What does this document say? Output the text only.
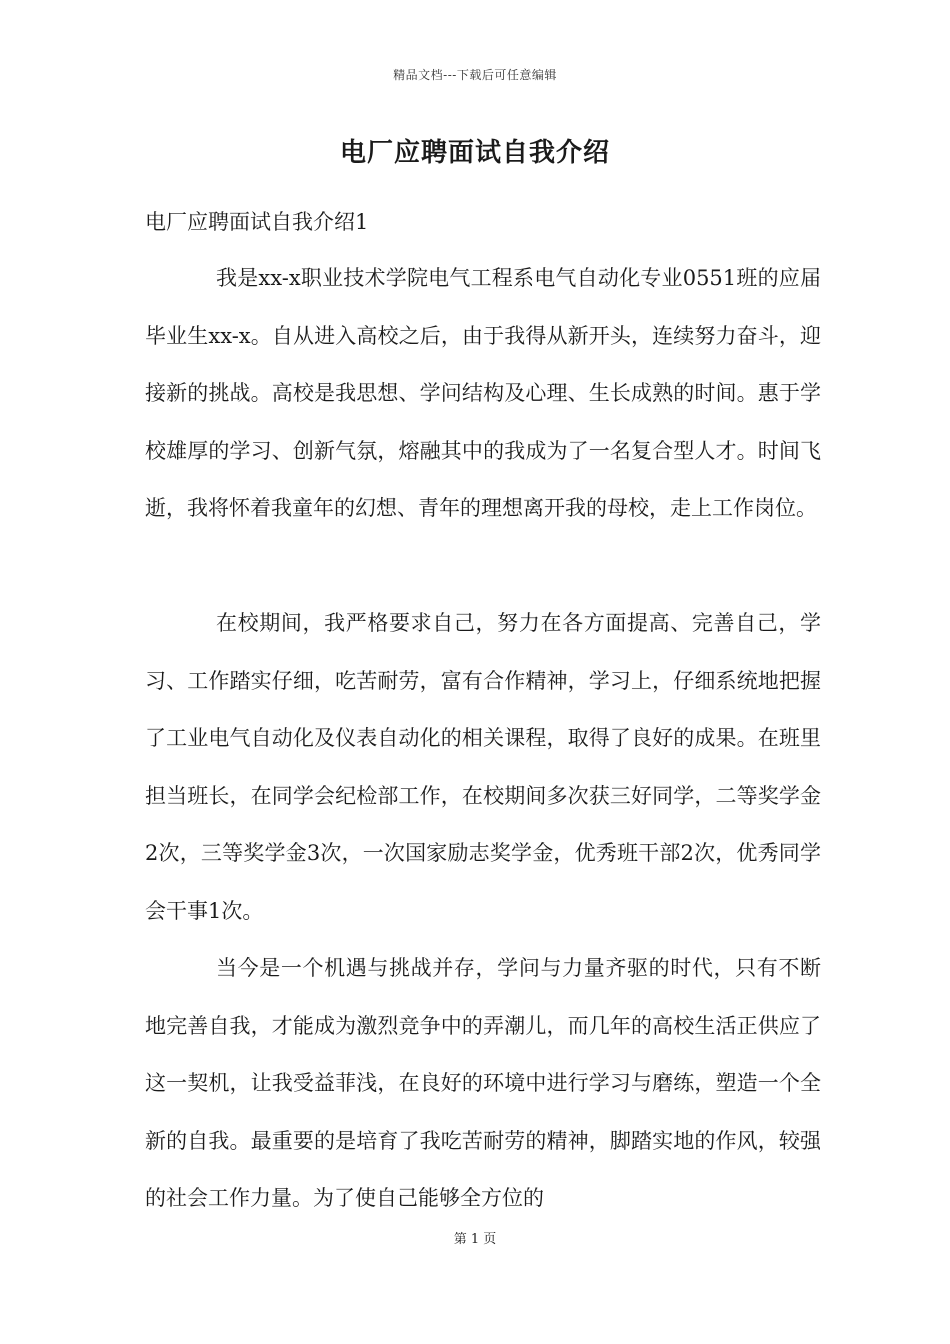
精品文档---下载后可任意编辑
电厂应聘面试自我介绍
电厂应聘面试自我介绍1

我是xx-x职业技术学院电气工程系电气自动化专业0551班的应届毕业生xx-x。自从进入高校之后，由于我得从新开头，连续努力奋斗，迎接新的挑战。高校是我思想、学问结构及心理、生长成熟的时间。惠于学校雄厚的学习、创新气氛，熔融其中的我成为了一名复合型人才。时间飞逝，我将怀着我童年的幻想、青年的理想离开我的母校，走上工作岗位。

在校期间，我严格要求自己，努力在各方面提高、完善自己，学习、工作踏实仔细，吃苦耐劳，富有合作精神，学习上，仔细系统地把握了工业电气自动化及仪表自动化的相关课程，取得了良好的成果。在班里担当班长，在同学会纪检部工作，在校期间多次获三好同学，二等奖学金2次，三等奖学金3次，一次国家励志奖学金，优秀班干部2次，优秀同学会干事1次。

当今是一个机遇与挑战并存，学问与力量齐驱的时代，只有不断地完善自我，才能成为激烈竞争中的弄潮儿，而几年的高校生活正供应了这一契机，让我受益菲浅，在良好的环境中进行学习与磨练，塑造一个全新的自我。最重要的是培育了我吃苦耐劳的精神，脚踏实地的作风，较强的社会工作力量。为了使自己能够全方位的

第 1 页
